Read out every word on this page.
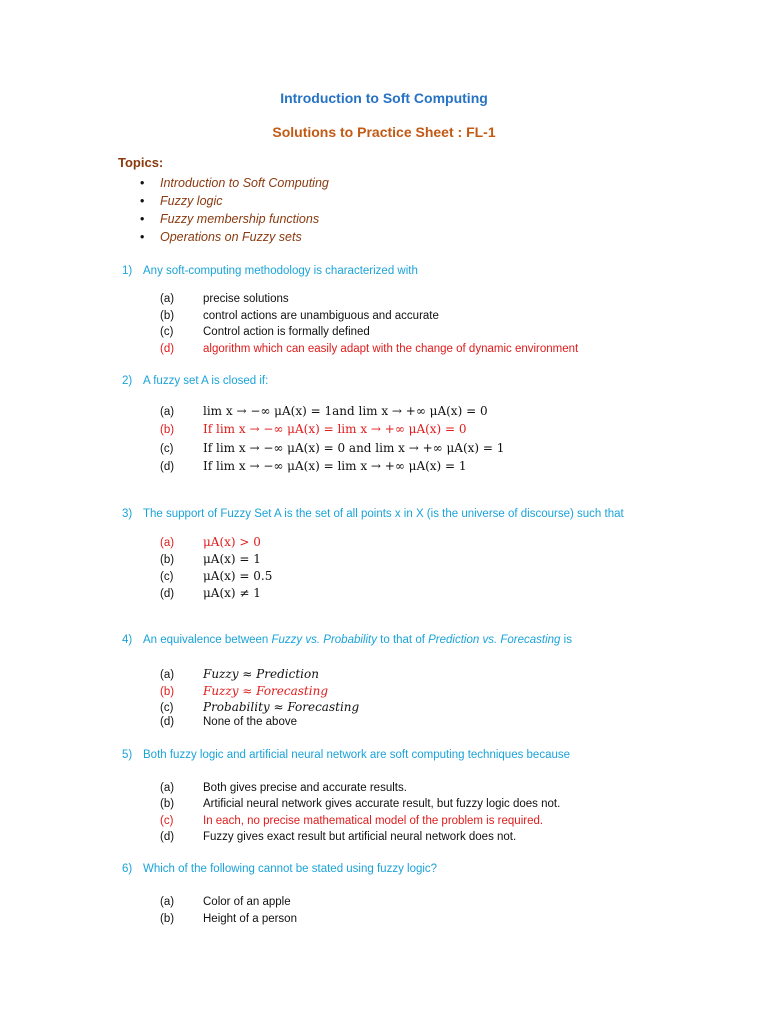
Introduction to Soft Computing
Solutions to Practice Sheet : FL-1
Topics:
• Introduction to Soft Computing
• Fuzzy logic
• Fuzzy membership functions
• Operations on Fuzzy sets
1) Any soft-computing methodology is characterized with
(a)	precise solutions
(b)	control actions are unambiguous and accurate
(c)	Control action is formally defined
(d)	algorithm which can easily adapt with the change of dynamic environment
2) A fuzzy set A is closed if:
(a) lim x → −∞ μA(x) = 1and lim x → +∞ μA(x) = 0
(b) If lim x → −∞ μA(x) = lim x → +∞ μA(x) = 0
(c) If lim x → −∞ μA(x) = 0 and lim x → +∞ μA(x) = 1
(d) If lim x → −∞ μA(x) = lim x → +∞ μA(x) = 1
3) The support of Fuzzy Set A is the set of all points x in X (is the universe of discourse) such that
(a) μA(x) > 0
(b) μA(x) = 1
(c) μA(x) = 0.5
(d) μA(x) ≠ 1
4) An equivalence between Fuzzy vs. Probability to that of Prediction vs. Forecasting is
(a) Fuzzy ≈ Prediction
(b) Fuzzy ≈ Forecasting
(c) Probability ≈ Forecasting
(d)	None of the above
5) Both fuzzy logic and artificial neural network are soft computing techniques because
(a)	Both gives precise and accurate results.
(b)	Artificial neural network gives accurate result, but fuzzy logic does not.
(c)	In each, no precise mathematical model of the problem is required.
(d)	Fuzzy gives exact result but artificial neural network does not.
6) Which of the following cannot be stated using fuzzy logic?
(a)	Color of an apple
(b)	Height of a person
